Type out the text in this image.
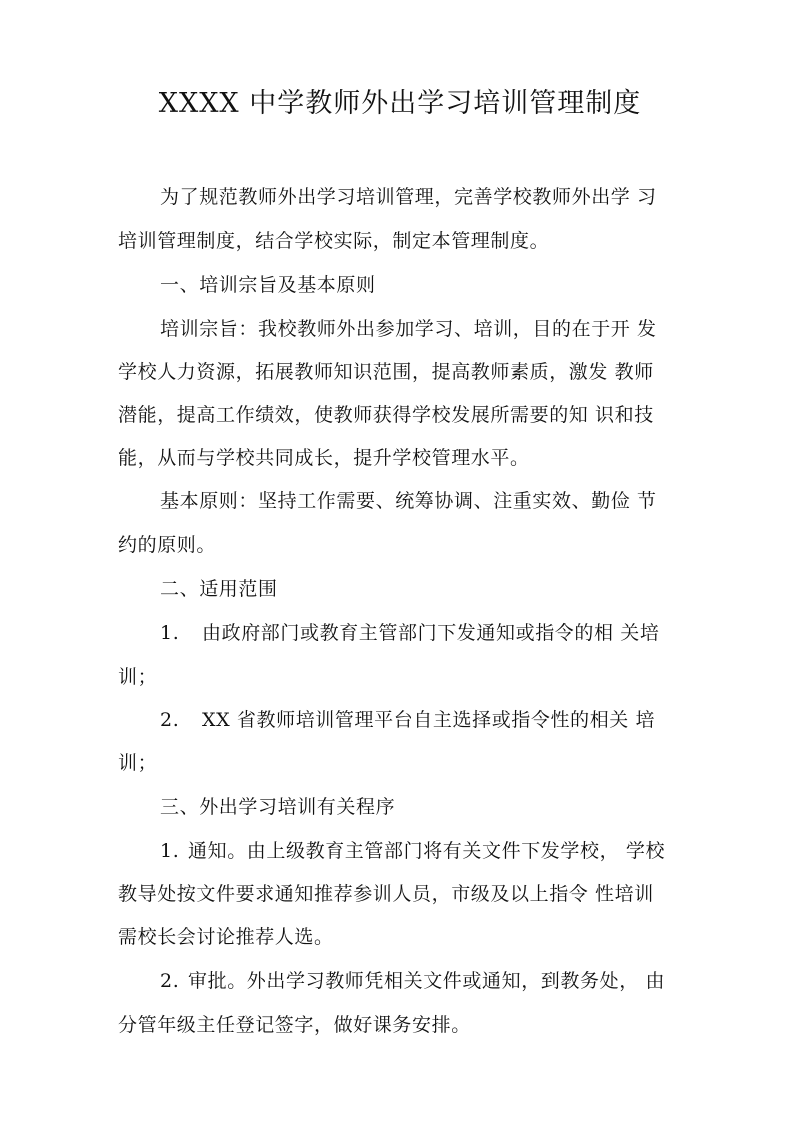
XXXX 中学教师外出学习培训管理制度
为了规范教师外出学习培训管理，完善学校教师外出学 习
培训管理制度，结合学校实际，制定本管理制度。
一、培训宗旨及基本原则
培训宗旨：我校教师外出参加学习、培训，目的在于开 发
学校人力资源，拓展教师知识范围，提高教师素质，激发 教师
潜能，提高工作绩效，使教师获得学校发展所需要的知 识和技
能，从而与学校共同成长，提升学校管理水平。
基本原则：坚持工作需要、统筹协调、注重实效、勤俭 节
约的原则。
二、适用范围
1. 由政府部门或教育主管部门下发通知或指令的相 关培
训；
2. XX 省教师培训管理平台自主选择或指令性的相关 培
训；
三、外出学习培训有关程序
1. 通知。由上级教育主管部门将有关文件下发学校， 学校
教导处按文件要求通知推荐参训人员，市级及以上指令 性培训
需校长会讨论推荐人选。
2. 审批。外出学习教师凭相关文件或通知，到教务处， 由
分管年级主任登记签字，做好课务安排。
